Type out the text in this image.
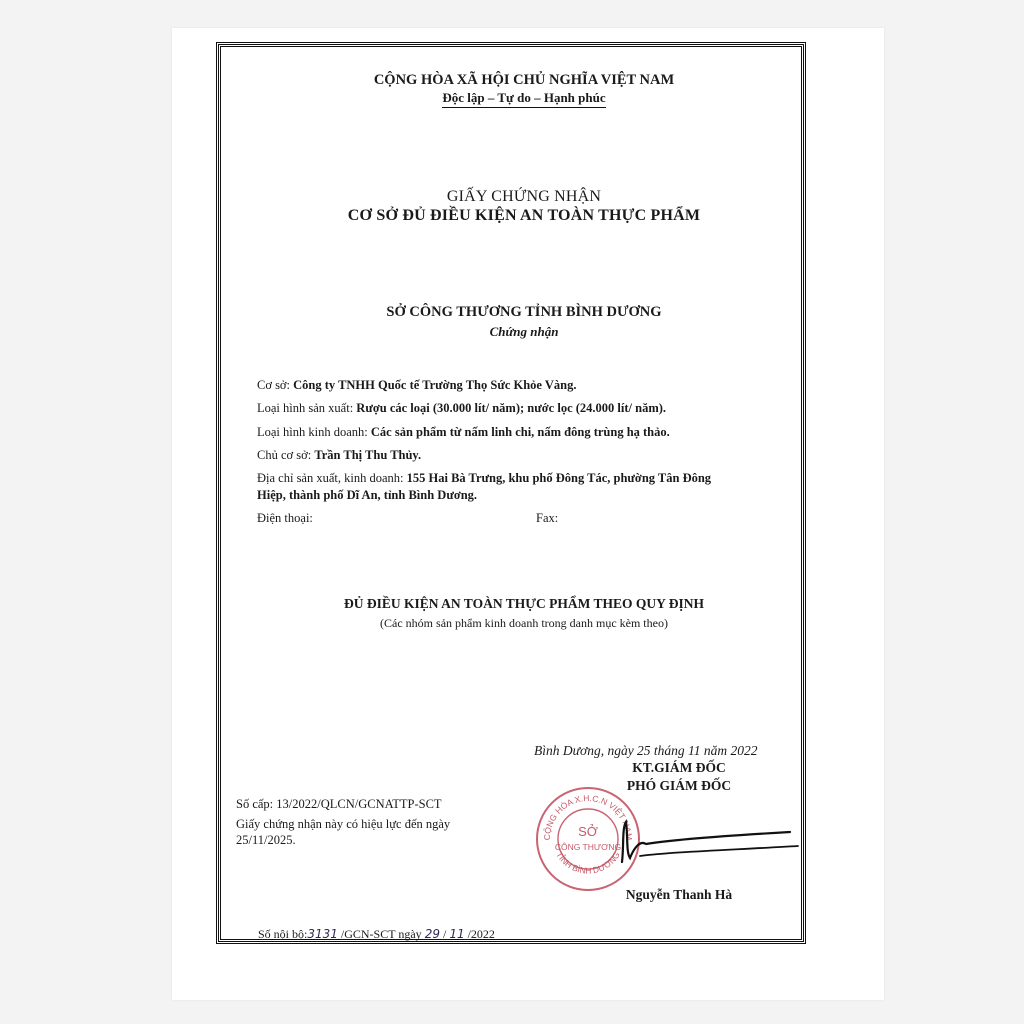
CỘNG HÒA XÃ HỘI CHỦ NGHĨA VIỆT NAM
Độc lập – Tự do – Hạnh phúc
GIẤY CHỨNG NHẬN
CƠ SỞ ĐỦ ĐIỀU KIỆN AN TOÀN THỰC PHẨM
SỞ CÔNG THƯƠNG TỈNH BÌNH DƯƠNG
Chứng nhận
Cơ sở: Công ty TNHH Quốc tế Trường Thọ Sức Khỏe Vàng.
Loại hình sản xuất: Rượu các loại (30.000 lít/ năm); nước lọc (24.000 lít/ năm).
Loại hình kinh doanh: Các sản phẩm từ nấm linh chi, nấm đông trùng hạ thảo.
Chủ cơ sở: Trần Thị Thu Thủy.
Địa chỉ sản xuất, kinh doanh: 155 Hai Bà Trưng, khu phố Đông Tác, phường Tân Đông
Hiệp, thành phố Dĩ An, tỉnh Bình Dương.
Điện thoại:	Fax:
ĐỦ ĐIỀU KIỆN AN TOÀN THỰC PHẨM THEO QUY ĐỊNH
(Các nhóm sản phẩm kinh doanh trong danh mục kèm theo)
Bình Dương, ngày 25 tháng 11 năm 2022
KT.GIÁM ĐỐC
PHÓ GIÁM ĐỐC
CỘNG HÒA X.H.C.N VIỆT NAM
TỈNH BÌNH DƯƠNG
SỞ
CÔNG THƯƠNG
Nguyễn Thanh Hà
Số cấp: 13/2022/QLCN/GCNATTP-SCT
Giấy chứng nhận này có hiệu lực đến ngày
25/11/2025.
Số nội bộ:3131 /GCN-SCT ngày 29 / 11 /2022
